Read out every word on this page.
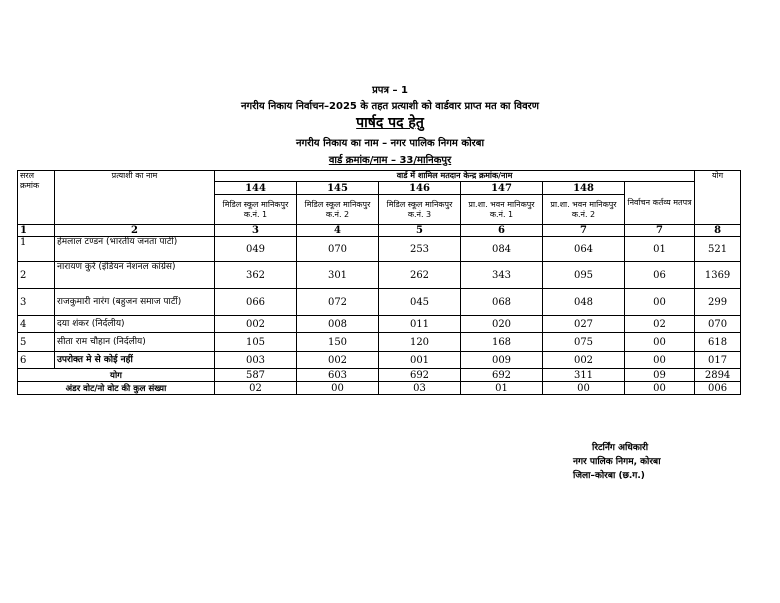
प्रपत्र – 1
नगरीय निकाय निर्वाचन–2025 के तहत प्रत्याशी को वार्डवार प्राप्त मत का विवरण
पार्षद पद हेतु
नगरीय निकाय का नाम – नगर पालिक निगम कोरबा
वार्ड क्रमांक/नाम – 33/मानिकपुर
सरल क्रमांक	प्रत्याशी का नाम	वार्ड में शामिल मतदान केन्द्र क्रमांक/नाम						योग
		144	145	146	147	148	निर्वाचन कर्तव्य मतपत्र	
		मिडिल स्कूल मानिकपुर क.नं. 1	मिडिल स्कूल मानिकपुर क.नं. 2	मिडिल स्कूल मानिकपुर क.नं. 3	प्रा.शा. भवन मानिकपुर क.नं. 1	प्रा.शा. भवन मानिकपुर क.नं. 2		
1	2	3	4	5	6	7	7	8
1	हेमलाल टण्डन (भारतीय जनता पार्टी)	049	070	253	084	064	01	521
2	नारायण कुर्रे (इंडियन नेशनल कांग्रेस)	362	301	262	343	095	06	1369
3	राजकुमारी नारंग (बहुजन समाज पार्टी)	066	072	045	068	048	00	299
4	दया शंकर (निर्दलीय)	002	008	011	020	027	02	070
5	सीता राम चौहान (निर्दलीय)	105	150	120	168	075	00	618
6	उपरोक्त मे से कोई नहीं	003	002	001	009	002	00	017
योग		587	603	692	692	311	09	2894
अंडर वोट/नो वोट की कुल संख्या		02	00	03	01	00	00	006
रिटर्निंग अधिकारी
नगर पालिक निगम, कोरबा
जिला–कोरबा (छ.ग.)
